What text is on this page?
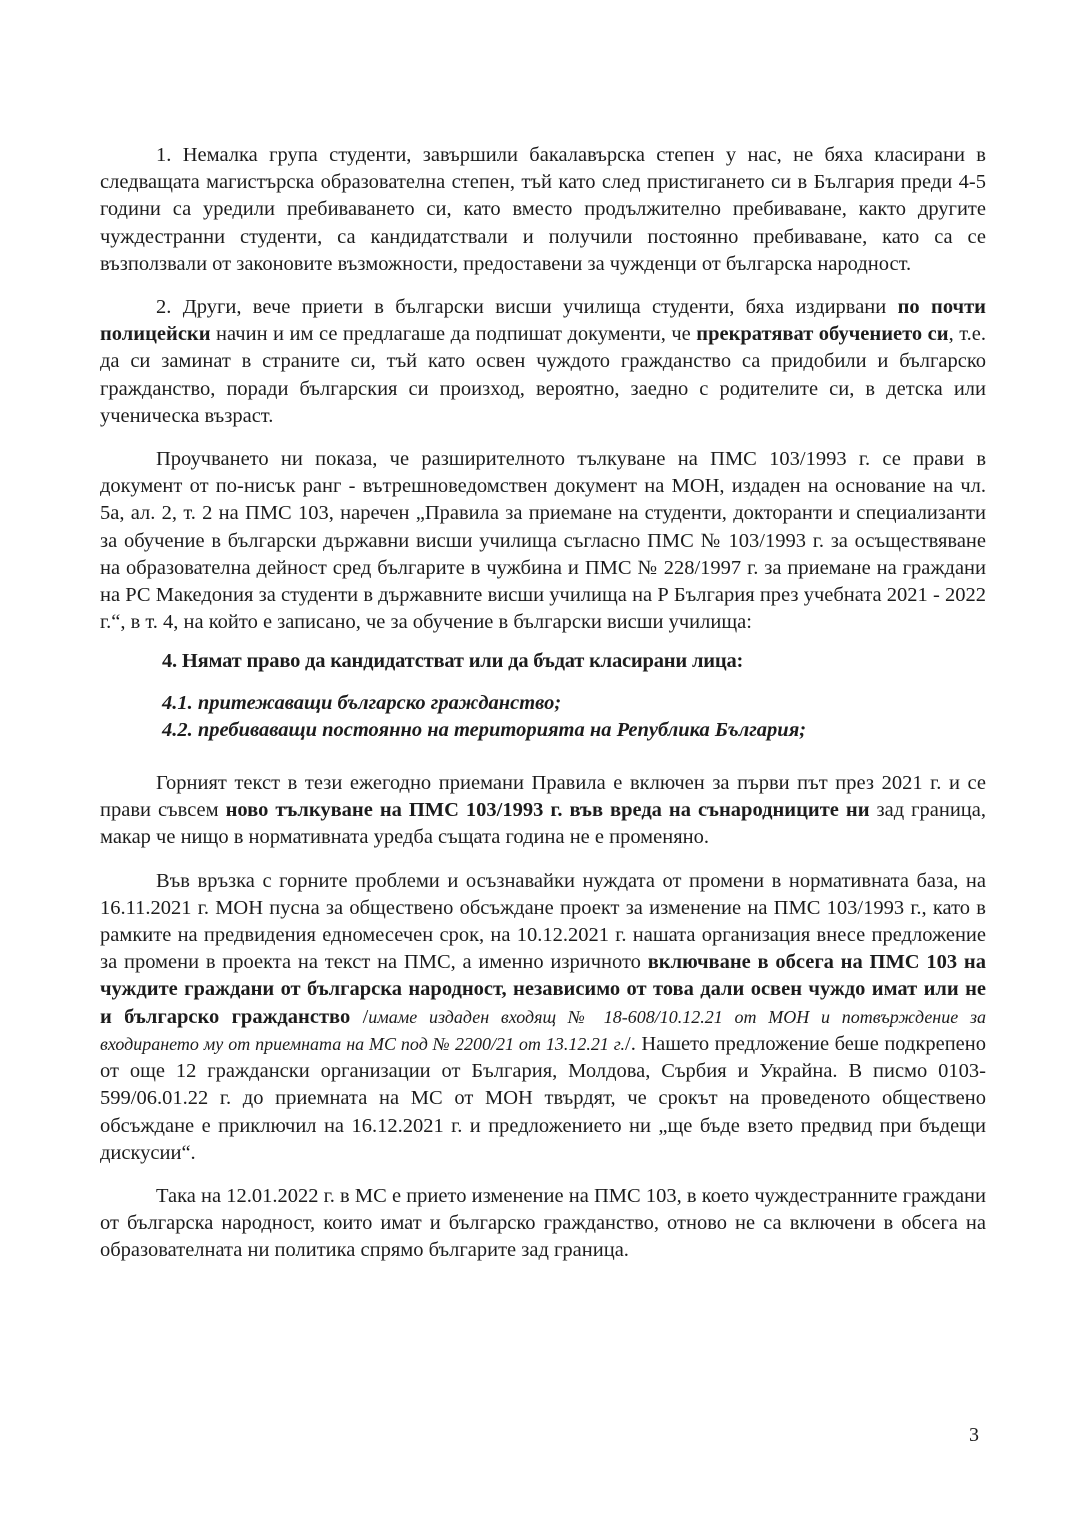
1. Немалка група студенти, завършили бакалавърска степен у нас, не бяха класирани в следващата магистърска образователна степен, тъй като след пристигането си в България преди 4-5 години са уредили пребиваването си, като вместо продължително пребиваване, както другите чуждестранни студенти, са кандидатствали и получили постоянно пребиваване, като са се възползвали от законовите възможности, предоставени за чужденци от българска народност.

2. Други, вече приети в български висши училища студенти, бяха издирвани по почти полицейски начин и им се предлагаше да подпишат документи, че прекратяват обучението си, т.е. да си заминат в страните си, тъй като освен чуждото гражданство са придобили и българско гражданство, поради българския си произход, вероятно, заедно с родителите си, в детска или ученическа възраст.

Проучването ни показа, че разширителното тълкуване на ПМС 103/1993 г. се прави в документ от по-нисък ранг - вътрешноведомствен документ на МОН, издаден на основание на чл. 5а, ал. 2, т. 2 на ПМС 103, наречен „Правила за приемане на студенти, докторанти и специализанти за обучение в български държавни висши училища съгласно ПМС № 103/1993 г. за осъществяване на образователна дейност сред българите в чужбина и ПМС № 228/1997 г. за приемане на граждани на РС Македония за студенти в държавните висши училища на Р България през учебната 2021 - 2022 г.“, в т. 4, на който е записано, че за обучение в български висши училища:

4. Нямат право да кандидатстват или да бъдат класирани лица:

4.1. притежаващи българско гражданство;

4.2. пребиваващи постоянно на територията на Република България;

Горният текст в тези ежегодно приемани Правила е включен за първи път през 2021 г. и се прави съвсем ново тълкуване на ПМС 103/1993 г. във вреда на сънародниците ни зад граница, макар че нищо в нормативната уредба същата година не е променяно.

Във връзка с горните проблеми и осъзнавайки нуждата от промени в нормативната база, на 16.11.2021 г. МОН пусна за обществено обсъждане проект за изменение на ПМС 103/1993 г., като в рамките на предвидения едномесечен срок, на 10.12.2021 г. нашата организация внесе предложение за промени в проекта на текст на ПМС, а именно изричното включване в обсега на ПМС 103 на чуждите граждани от българска народност, независимо от това дали освен чуждо имат или не и българско гражданство /имаме издаден входящ № 18-608/10.12.21 от МОН и потвърждение за входирането му от приемната на МС под № 2200/21 от 13.12.21 г./. Нашето предложение беше подкрепено от още 12 граждански организации от България, Молдова, Сърбия и Украйна. В писмо 0103-599/06.01.22 г. до приемната на МС от МОН твърдят, че срокът на проведеното обществено обсъждане е приключил на 16.12.2021 г. и предложението ни „ще бъде взето предвид при бъдещи дискусии“.

Така на 12.01.2022 г. в МС е прието изменение на ПМС 103, в което чуждестранните граждани от българска народност, които имат и българско гражданство, отново не са включени в обсега на образователната ни политика спрямо българите зад граница.

3
